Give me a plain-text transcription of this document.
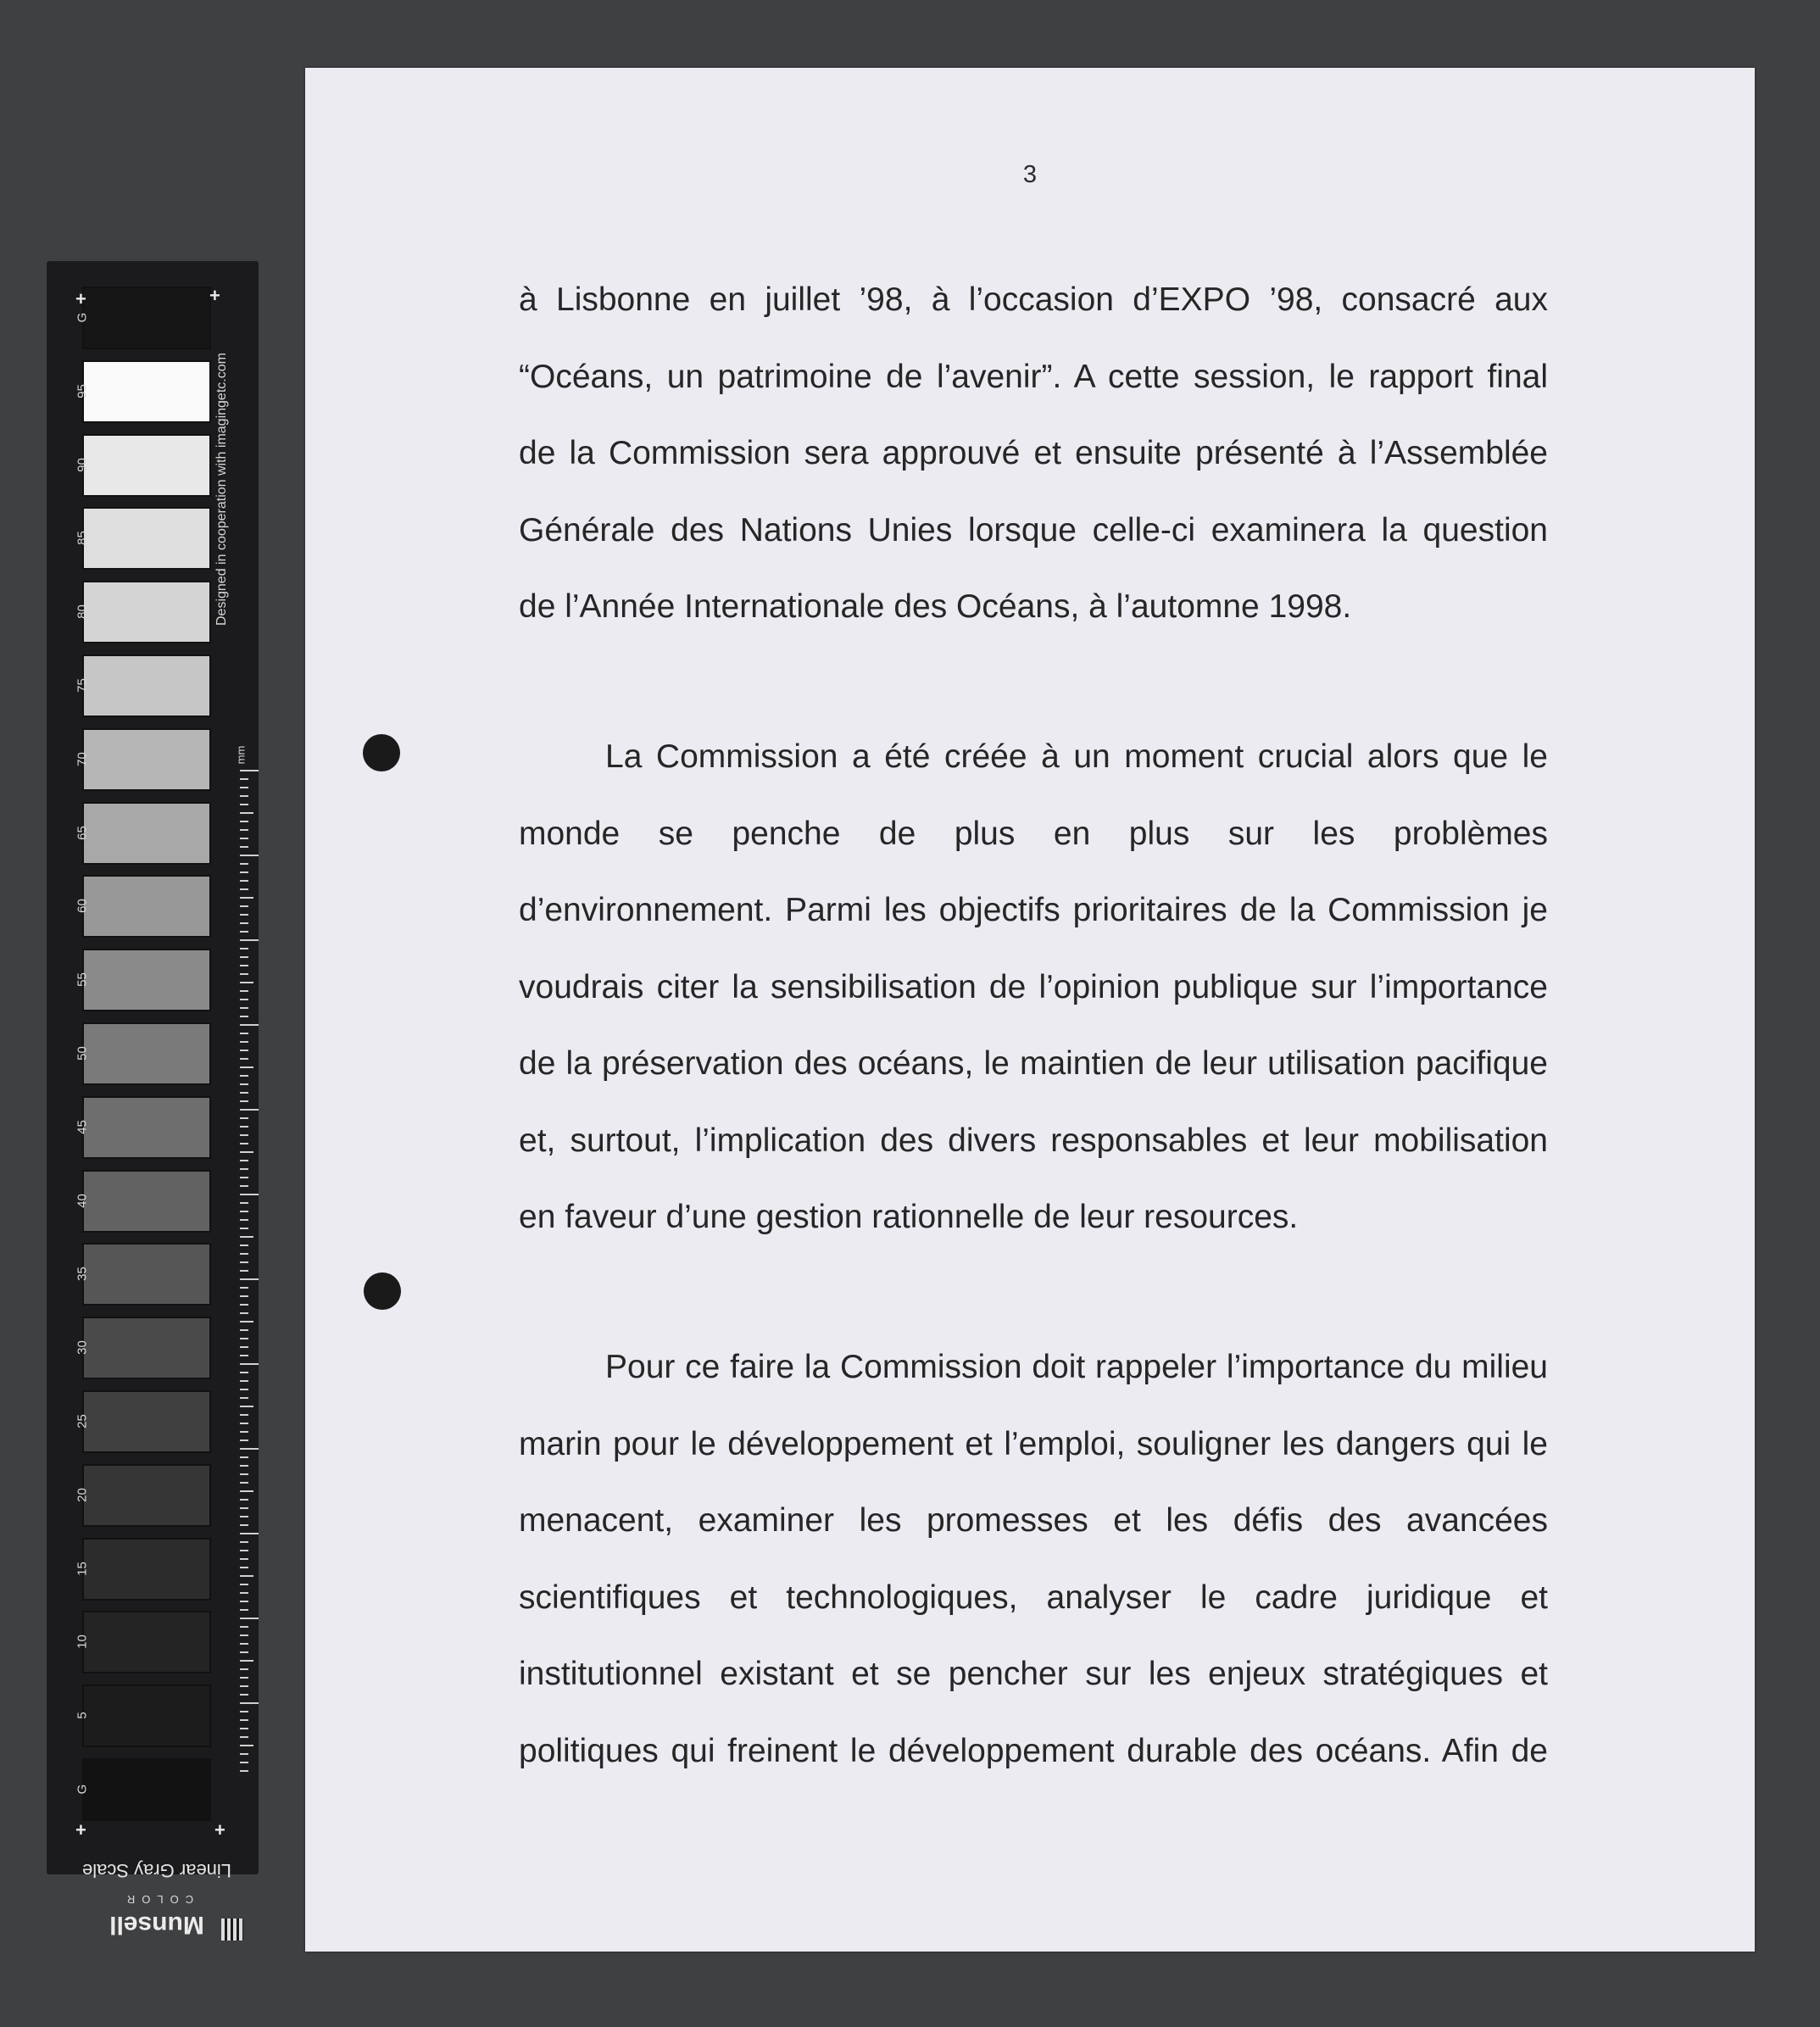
G
95
90
85
80
75
70
65
60
55
50
45
40
35
30
25
20
15
10
5
G
+	+
+	+
Designed in cooperation with imagingetc.com
mm
Linear Gray Scale
COLOR
Munsell
3
à Lisbonne en juillet ’98, à l’occasion d’EXPO ’98, consacré aux
“Océans, un patrimoine de l’avenir”. A cette session, le rapport final
de la Commission sera approuvé et ensuite présenté à l’Assemblée
Générale des Nations Unies lorsque celle-ci examinera la question
de l’Année Internationale des Océans, à l’automne 1998.
La Commission a été créée à un moment crucial alors que le
monde se penche de plus en plus sur les problèmes
d’environnement. Parmi les objectifs prioritaires de la Commission je
voudrais citer la sensibilisation de l’opinion publique sur l’importance
de la préservation des océans, le maintien de leur utilisation pacifique
et, surtout, l’implication des divers responsables et leur mobilisation
en faveur d’une gestion rationnelle de leur resources.
Pour ce faire la Commission doit rappeler l’importance du milieu
marin pour le développement et l’emploi, souligner les dangers qui le
menacent, examiner les promesses et les défis des avancées
scientifiques et technologiques, analyser le cadre juridique et
institutionnel existant et se pencher sur les enjeux stratégiques et
politiques qui freinent le développement durable des océans. Afin de
